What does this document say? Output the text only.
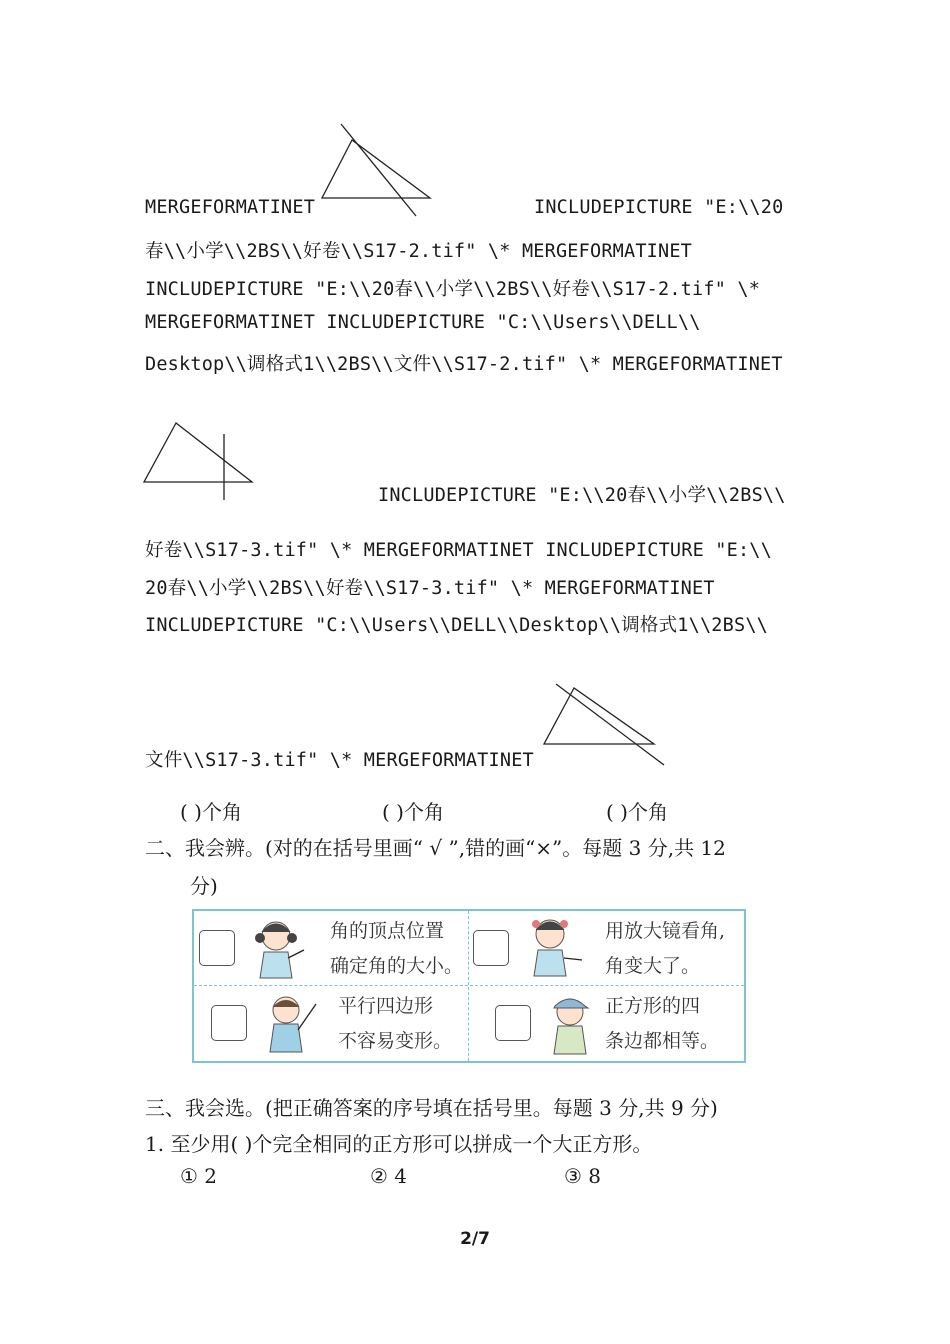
MERGEFORMATINET	INCLUDEPICTURE "E:\\20
春\\小学\\2BS\\好卷\\S17-2.tif" \* MERGEFORMATINET
INCLUDEPICTURE "E:\\20春\\小学\\2BS\\好卷\\S17-2.tif" \*
MERGEFORMATINET INCLUDEPICTURE "C:\\Users\\DELL\\
Desktop\\调格式1\\2BS\\文件\\S17-2.tif" \* MERGEFORMATINET
INCLUDEPICTURE "E:\\20春\\小学\\2BS\\
好卷\\S17-3.tif" \* MERGEFORMATINET INCLUDEPICTURE "E:\\
20春\\小学\\2BS\\好卷\\S17-3.tif" \* MERGEFORMATINET
INCLUDEPICTURE "C:\\Users\\DELL\\Desktop\\调格式1\\2BS\\
文件\\S17-3.tif" \* MERGEFORMATINET
( )个角	( )个角	( )个角
二、我会辨。(对的在括号里画“ √ ”,错的画“×”。每题 3 分,共 12
分)
角的顶点位置
确定角的大小。
用放大镜看角,
角变大了。
平行四边形
不容易变形。
正方形的四
条边都相等。
三、我会选。(把正确答案的序号填在括号里。每题 3 分,共 9 分)
1. 至少用( )个完全相同的正方形可以拼成一个大正方形。
① 2	② 4	③ 8
2/7
